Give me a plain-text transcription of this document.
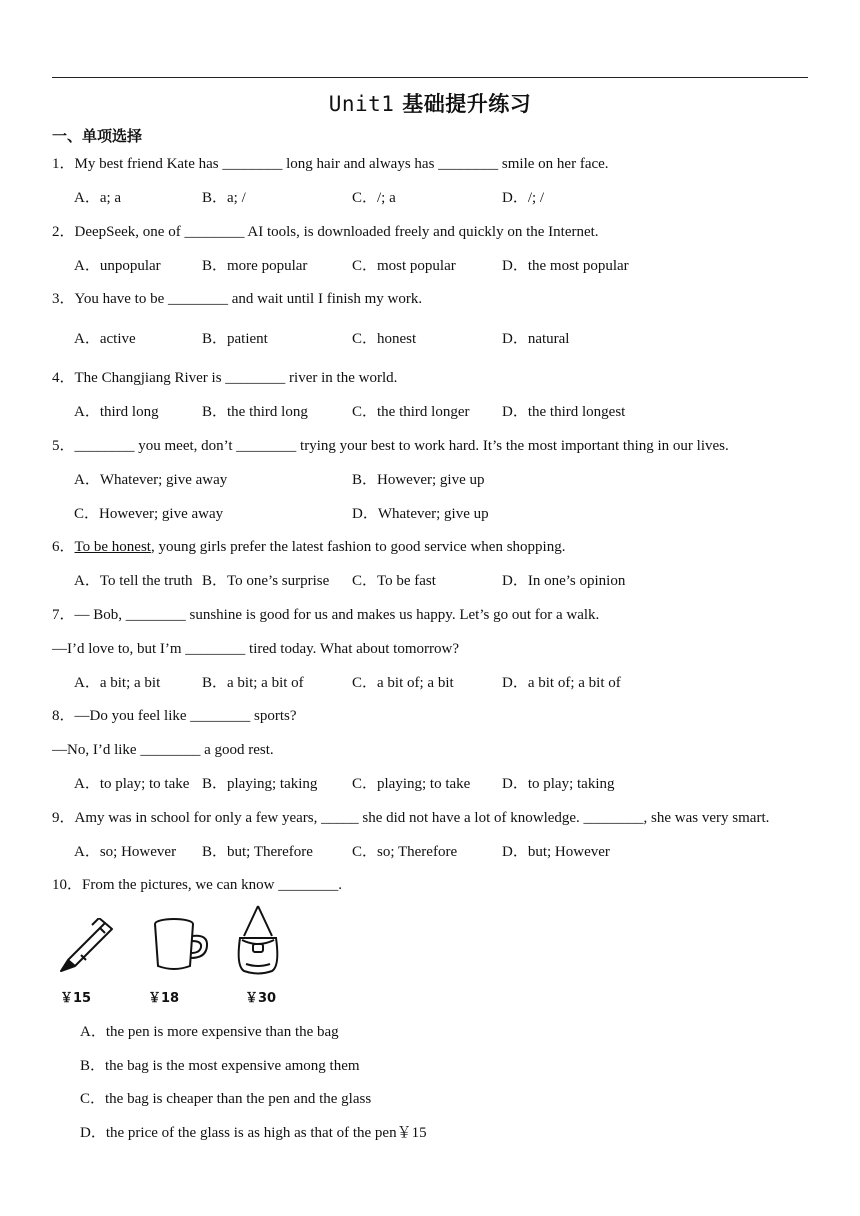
Unit1 基础提升练习
一、单项选择
1．My best friend Kate has ________ long hair and always has ________ smile on her face.
A．a; a	B．a; /	C．/; a	D．/; /
2．DeepSeek, one of ________ AI tools, is downloaded freely and quickly on the Internet.
A．unpopular	B．more popular	C．most popular	D．the most popular
3．You have to be ________ and wait until I finish my work.
A．active	B．patient	C．honest	D．natural
4．The Changjiang River is ________ river in the world.
A．third long	B．the third long	C．the third longer D．the third longest
5．________ you meet, don’t ________ trying your best to work hard. It’s the most important thing in our lives.
A．Whatever; give away	B．However; give up
C．However; give away	D．Whatever; give up
6．To be honest, young girls prefer the latest fashion to good service when shopping.
A．To tell the truth B．To one’s surprise C．To be fast	D．In one’s opinion
7．— Bob, ________ sunshine is good for us and makes us happy. Let’s go out for a walk.
—I’d love to, but I’m ________ tired today. What about tomorrow?
A．a bit; a bit	B．a bit; a bit of	C．a bit of; a bit	D．a bit of; a bit of
8．—Do you feel like ________ sports?
—No, I’d like ________ a good rest.
A．to play; to take B．playing; taking C．playing; to take D．to play; taking
9．Amy was in school for only a few years, _____ she did not have a lot of knowledge. ________, she was very smart.
A．so; However B．but; Therefore	C．so; Therefore	D．but; However
10．From the pictures, we can know ________.
￥15	￥18	￥30
A．the pen is more expensive than the bag
B．the bag is the most expensive among them
C．the bag is cheaper than the pen and the glass
D．the price of the glass is as high as that of the pen￥15
